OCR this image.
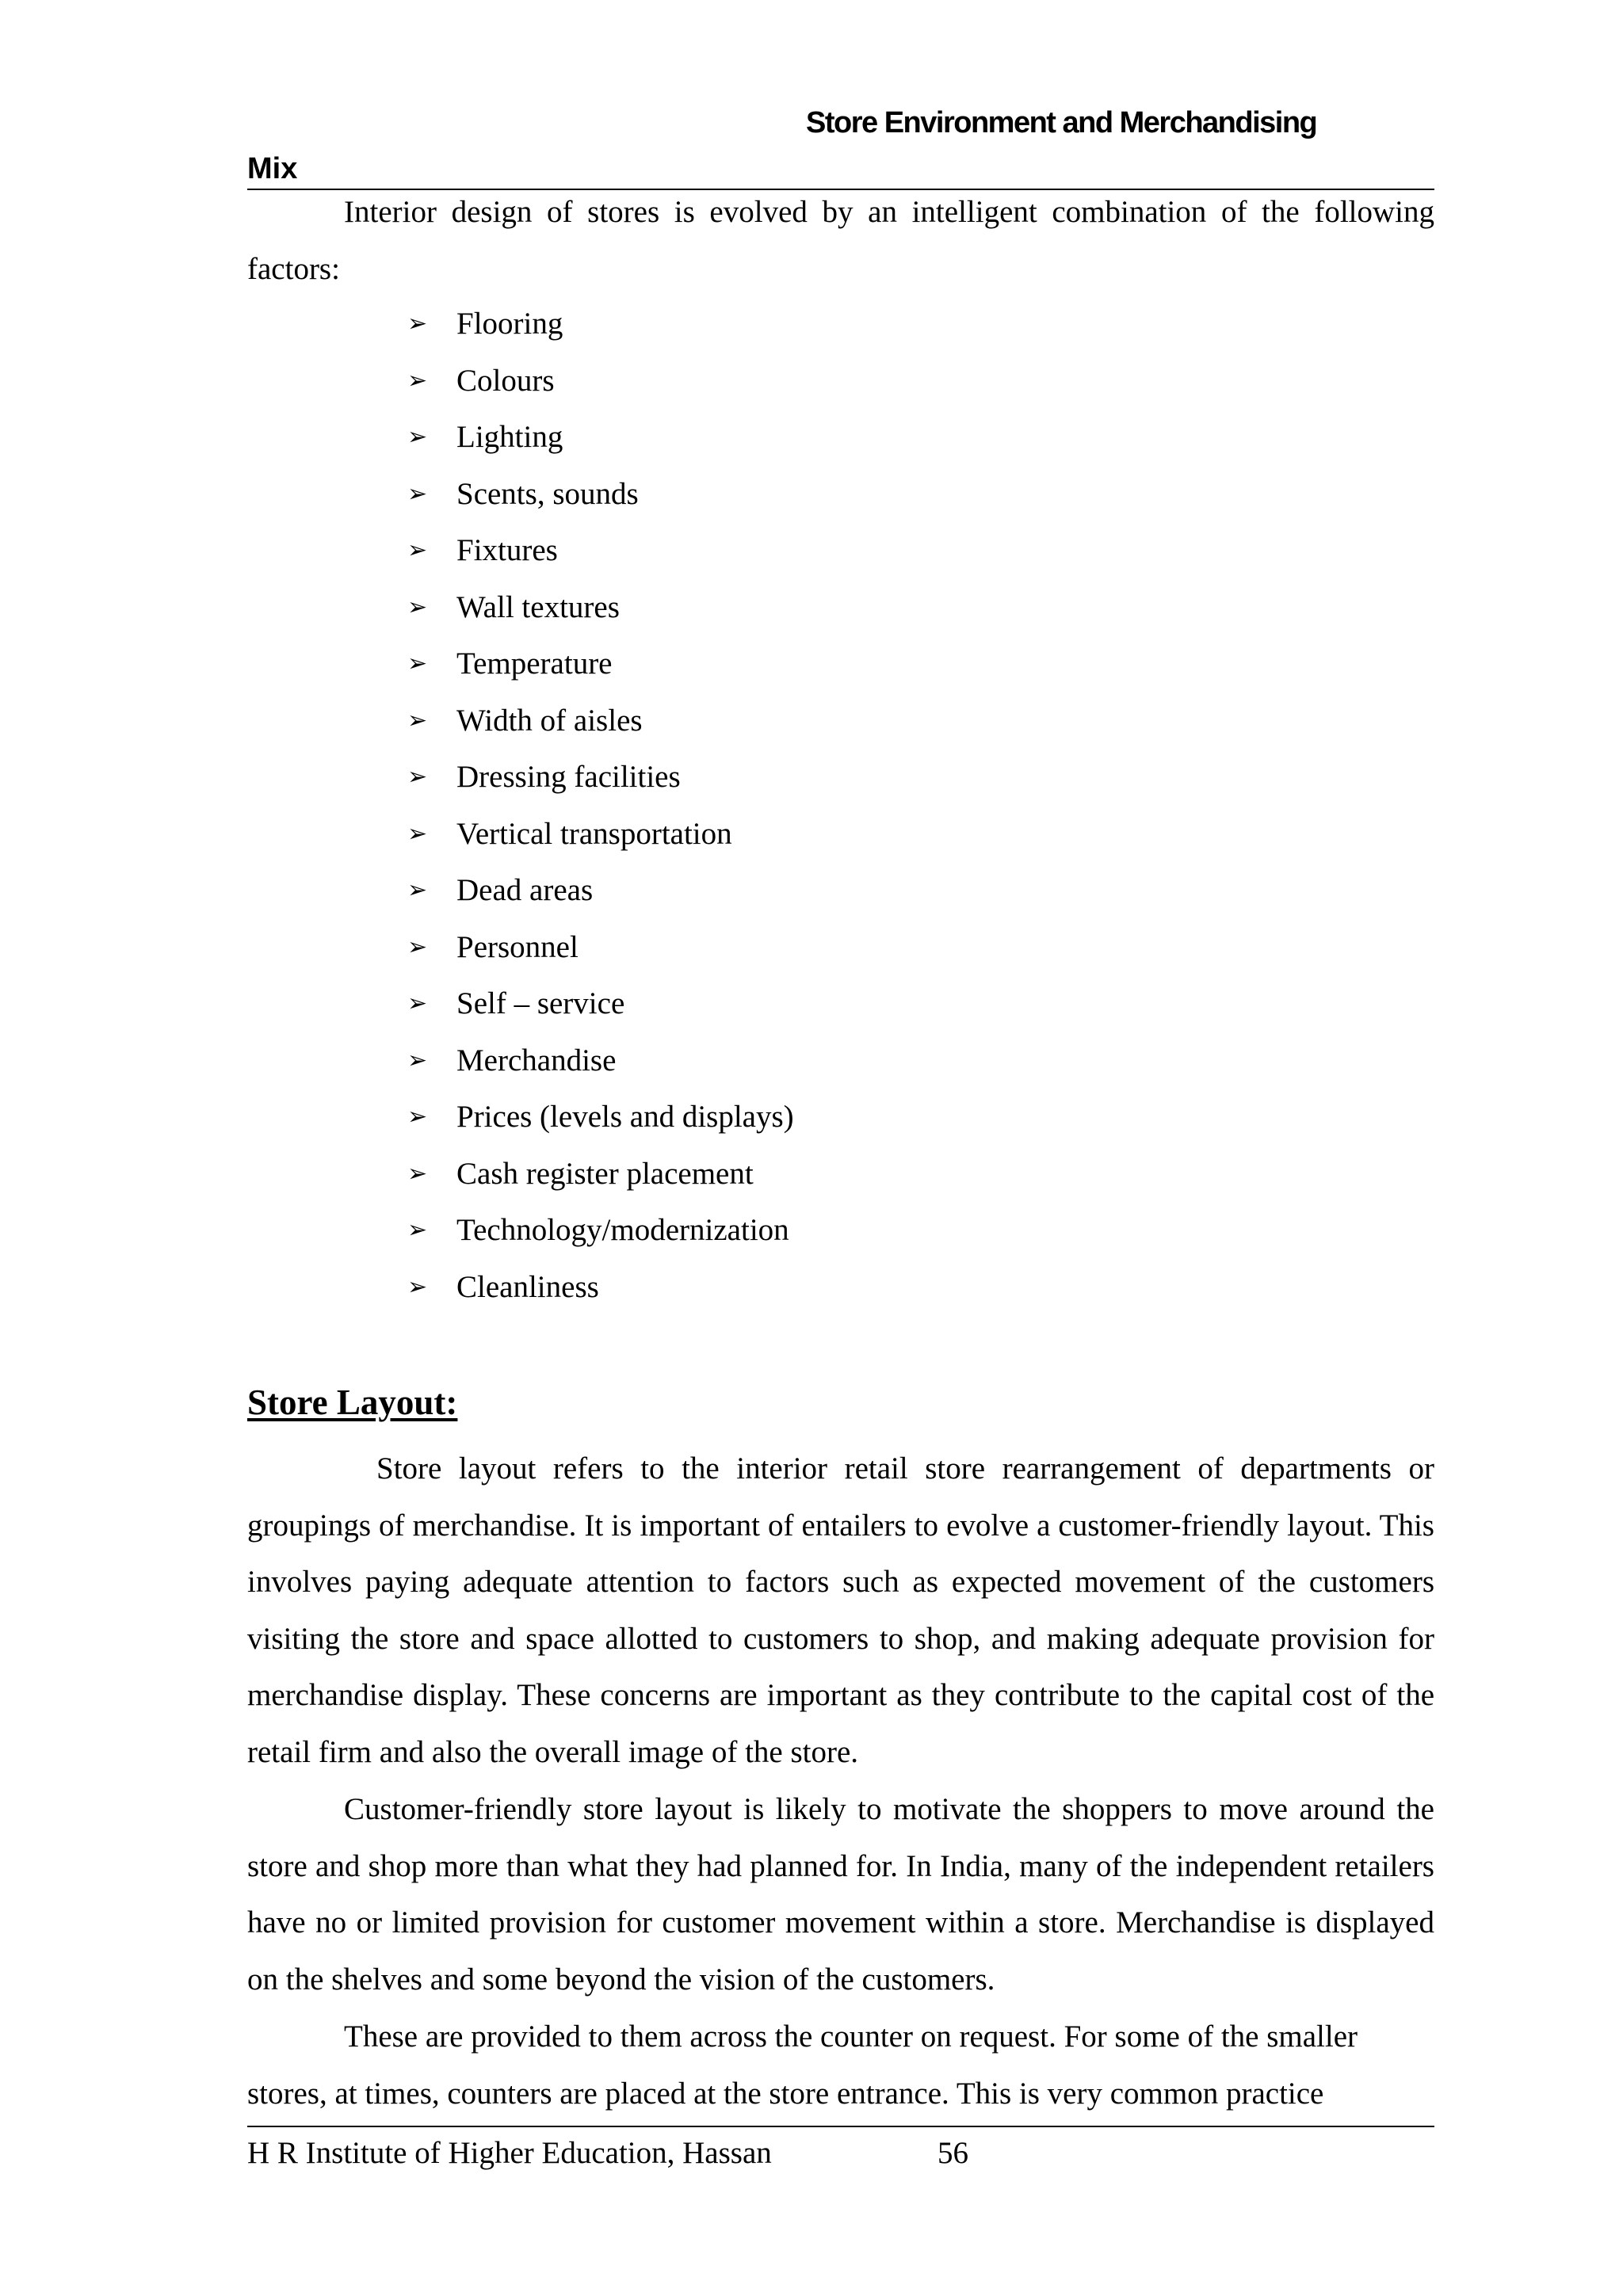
Store Environment and Merchandising
Mix

Interior design of stores is evolved by an intelligent combination of the following factors:

➢ Flooring
➢ Colours
➢ Lighting
➢ Scents, sounds
➢ Fixtures
➢ Wall textures
➢ Temperature
➢ Width of aisles
➢ Dressing facilities
➢ Vertical transportation
➢ Dead areas
➢ Personnel
➢ Self – service
➢ Merchandise
➢ Prices (levels and displays)
➢ Cash register placement
➢ Technology/modernization
➢ Cleanliness
Store Layout:

Store layout refers to the interior retail store rearrangement of departments or groupings of merchandise. It is important of entailers to evolve a customer-friendly layout. This involves paying adequate attention to factors such as expected movement of the customers visiting the store and space allotted to customers to shop, and making adequate provision for merchandise display. These concerns are important as they contribute to the capital cost of the retail firm and also the overall image of the store.

Customer-friendly store layout is likely to motivate the shoppers to move around the store and shop more than what they had planned for. In India, many of the independent retailers have no or limited provision for customer movement within a store. Merchandise is displayed on the shelves and some beyond the vision of the customers.

These are provided to them across the counter on request. For some of the smaller
stores, at times, counters are placed at the store entrance. This is very common practice

H R Institute of Higher Education, Hassan	56
